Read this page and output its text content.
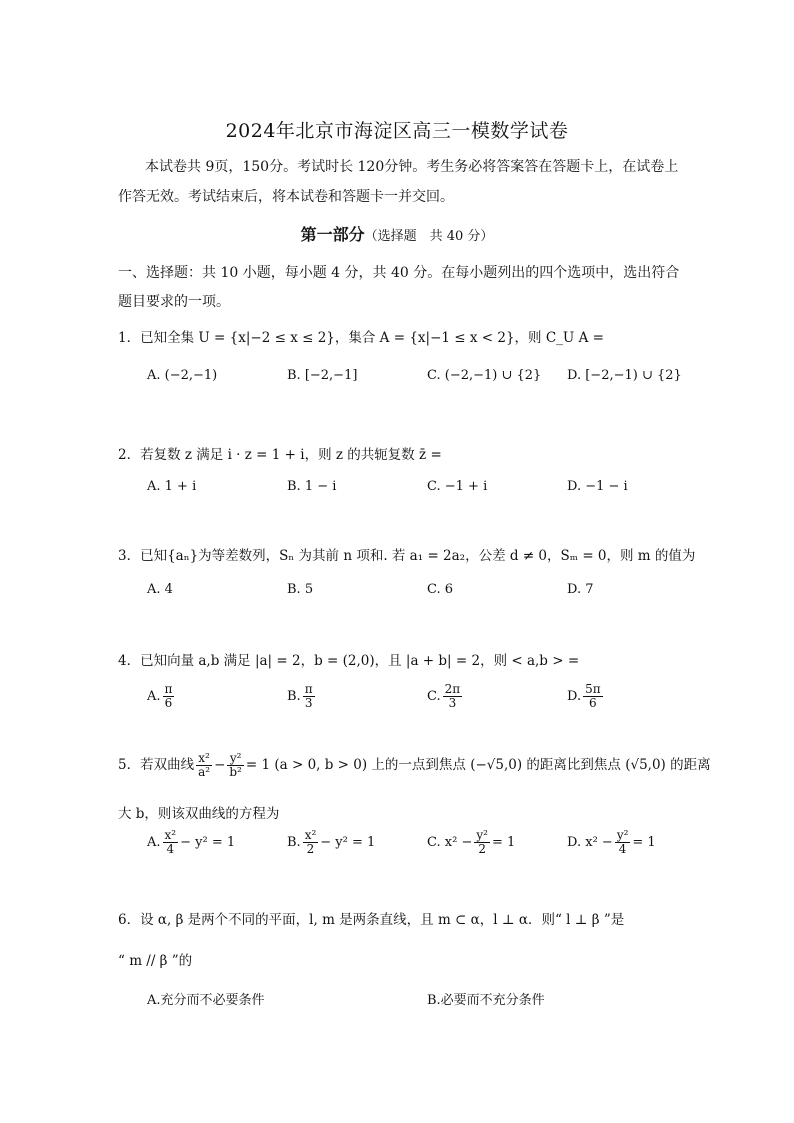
2024年北京市海淀区高三一模数学试卷
本试卷共 9页，150分。考试时长 120分钟。考生务必将答案答在答题卡上，在试卷上
作答无效。考试结束后，将本试卷和答题卡一并交回。
第一部分（选择题　共 40 分）
一、选择题：共 10 小题，每小题 4 分，共 40 分。在每小题列出的四个选项中，选出符合
题目要求的一项。
1．已知全集 U = {x|−2 ≤ x ≤ 2}，集合 A = {x|−1 ≤ x < 2}，则 C_U A =
A. (−2,−1)	B. [−2,−1]	C. (−2,−1) ∪ {2} D. [−2,−1) ∪ {2}
2．若复数 z 满足 i · z = 1 + i，则 z 的共轭复数 z̄ =
A. 1 + i	B. 1 − i	C. −1 + i	D. −1 − i
3．已知{aₙ}为等差数列，Sₙ 为其前 n 项和. 若 a₁ = 2a₂，公差 d ≠ 0，Sₘ = 0，则 m 的值为
A. 4	B. 5	C. 6	D. 7
4．已知向量 a,b 满足 |a| = 2，b = (2,0)，且 |a + b| = 2，则 < a,b > =
A. $\frac{\pi}{6}$	B. $\frac{\pi}{3}$	C. $\frac{2\pi}{3}$	D. $\frac{5\pi}{6}$
5．若双曲线 $\frac{\text{x²}}{\text{a²}} - \frac{\text{y²}}{\text{b²}} = 1$ (a > 0, b > 0) 上的一点到焦点 (−√5,0) 的距离比到焦点 (√5,0) 的距离
大 b，则该双曲线的方程为
A. $\frac{\text{x²}}{4} - y^2 = 1$	B. $\frac{\text{x²}}{2} - y^2 = 1$	C. $x^2 - \frac{\text{y²}}{2} = 1$	D. $x^2 - \frac{\text{y²}}{4} = 1$
6．设 α, β 是两个不同的平面，l, m 是两条直线，且 m ⊂ α，l ⊥ α．则“ l ⊥ β ”是
“ m // β ”的
A.充分而不必要条件	B.必要而不充分条件
